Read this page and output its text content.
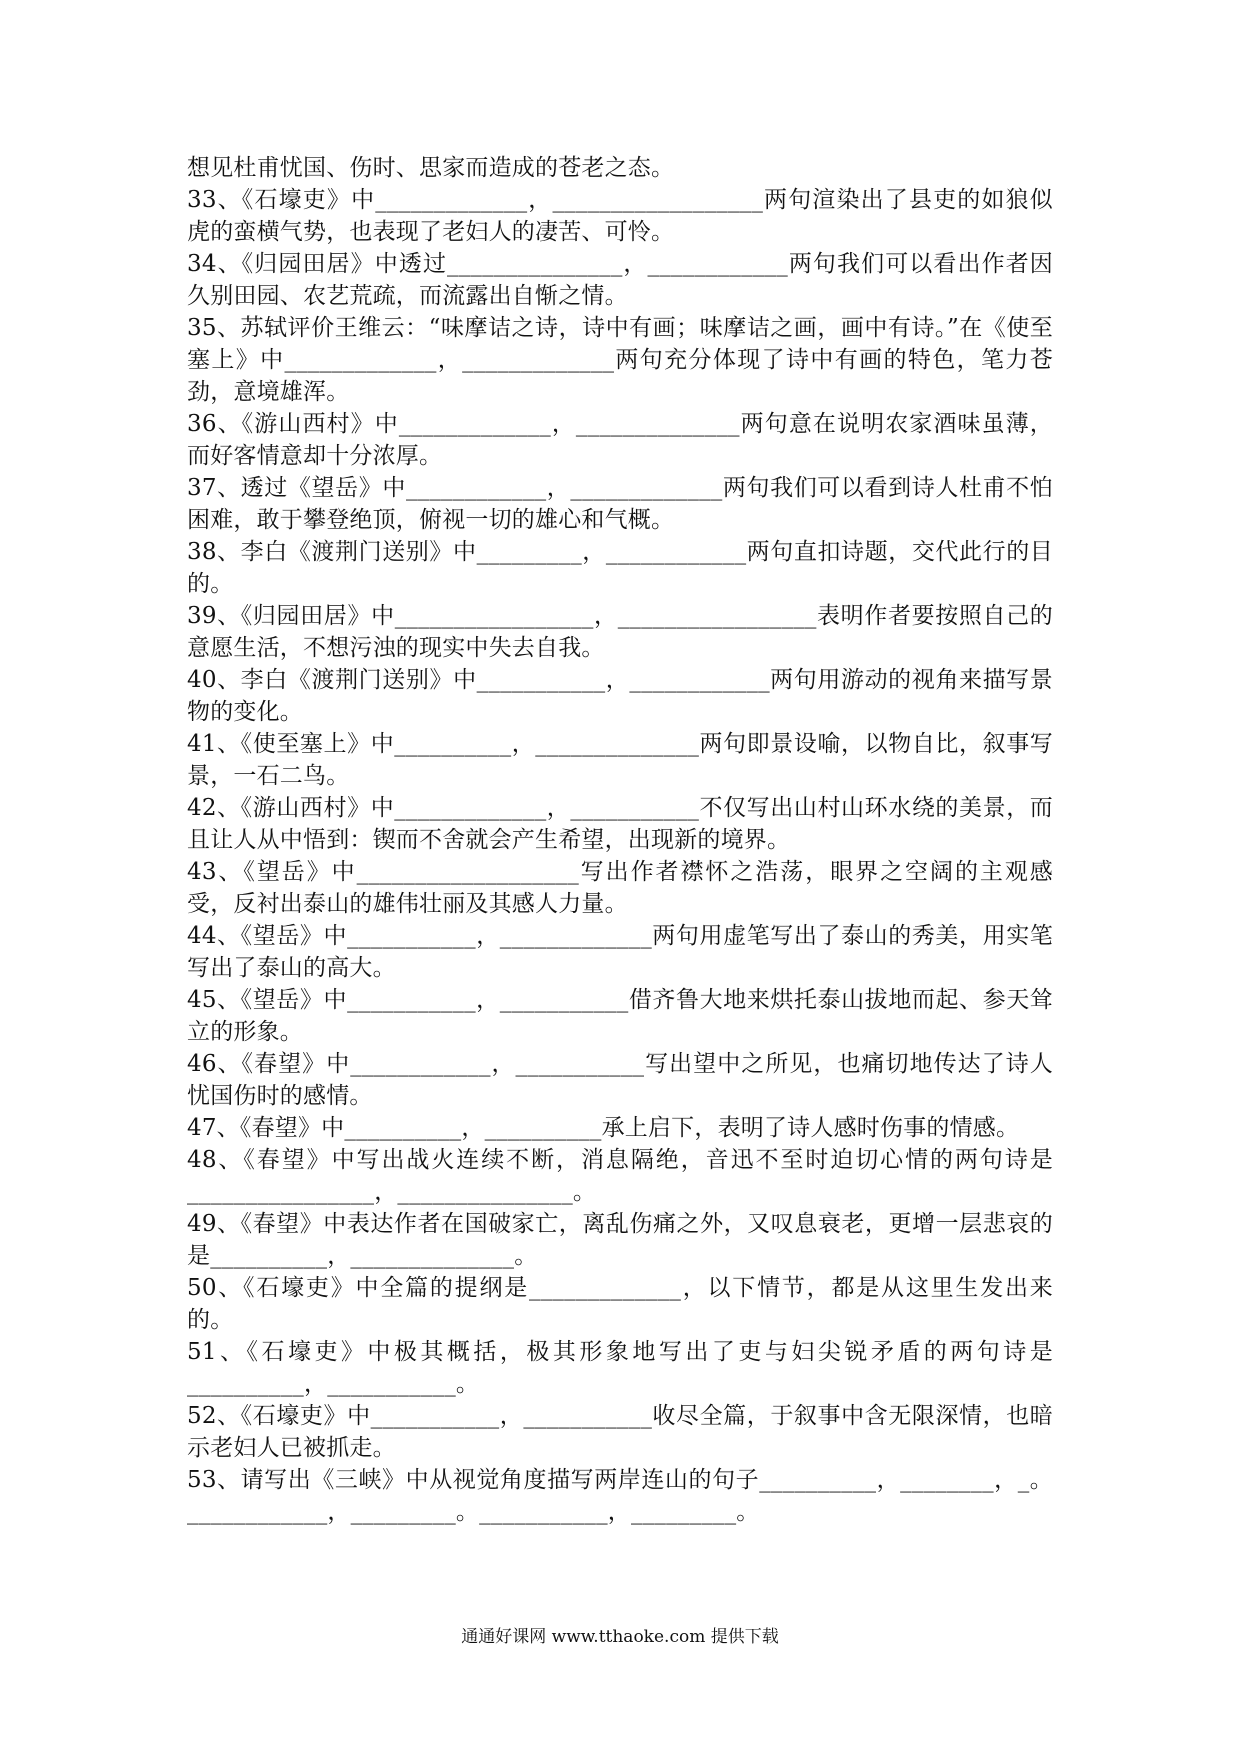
想见杜甫忧国、伤时、思家而造成的苍老之态。

33、《石壕吏》中_____________，__________________两句渲染出了县吏的如狼似虎的蛮横气势，也表现了老妇人的凄苦、可怜。

34、《归园田居》中透过_______________，____________两句我们可以看出作者因久别田园、农艺荒疏，而流露出自惭之情。

35、苏轼评价王维云：“味摩诘之诗，诗中有画；味摩诘之画，画中有诗。”在《使至塞上》中_____________，_____________两句充分体现了诗中有画的特色，笔力苍劲，意境雄浑。

36、《游山西村》中_____________，______________两句意在说明农家酒味虽薄，而好客情意却十分浓厚。

37、透过《望岳》中____________，_____________两句我们可以看到诗人杜甫不怕困难，敢于攀登绝顶，俯视一切的雄心和气概。

38、李白《渡荆门送别》中_________，____________两句直扣诗题，交代此行的目的。

39、《归园田居》中_________________，_________________表明作者要按照自己的意愿生活，不想污浊的现实中失去自我。

40、李白《渡荆门送别》中___________，____________两句用游动的视角来描写景物的变化。

41、《使至塞上》中__________，______________两句即景设喻，以物自比，叙事写景，一石二鸟。

42、《游山西村》中_____________，___________不仅写出山村山环水绕的美景，而且让人从中悟到：锲而不舍就会产生希望，出现新的境界。

43、《望岳》中___________________写出作者襟怀之浩荡，眼界之空阔的主观感受，反衬出泰山的雄伟壮丽及其感人力量。

44、《望岳》中___________，_____________两句用虚笔写出了泰山的秀美，用实笔写出了泰山的高大。

45、《望岳》中___________，___________借齐鲁大地来烘托泰山拔地而起、参天耸立的形象。

46、《春望》中____________，___________写出望中之所见，也痛切地传达了诗人忧国伤时的感情。

47、《春望》中__________，__________承上启下，表明了诗人感时伤事的情感。

48、《春望》中写出战火连续不断，消息隔绝，音迅不至时迫切心情的两句诗是________________，_______________。

49、《春望》中表达作者在国破家亡，离乱伤痛之外，又叹息衰老，更增一层悲哀的是__________，______________。

50、《石壕吏》中全篇的提纲是_____________，以下情节，都是从这里生发出来的。

51、《石壕吏》中极其概括，极其形象地写出了吏与妇尖锐矛盾的两句诗是__________，___________。

52、《石壕吏》中___________，___________收尽全篇，于叙事中含无限深情，也暗示老妇人已被抓走。

53、请写出《三峡》中从视觉角度描写两岸连山的句子__________，________，_。____________，_________。___________，_________。

通通好课网 www.tthaoke.com 提供下载
